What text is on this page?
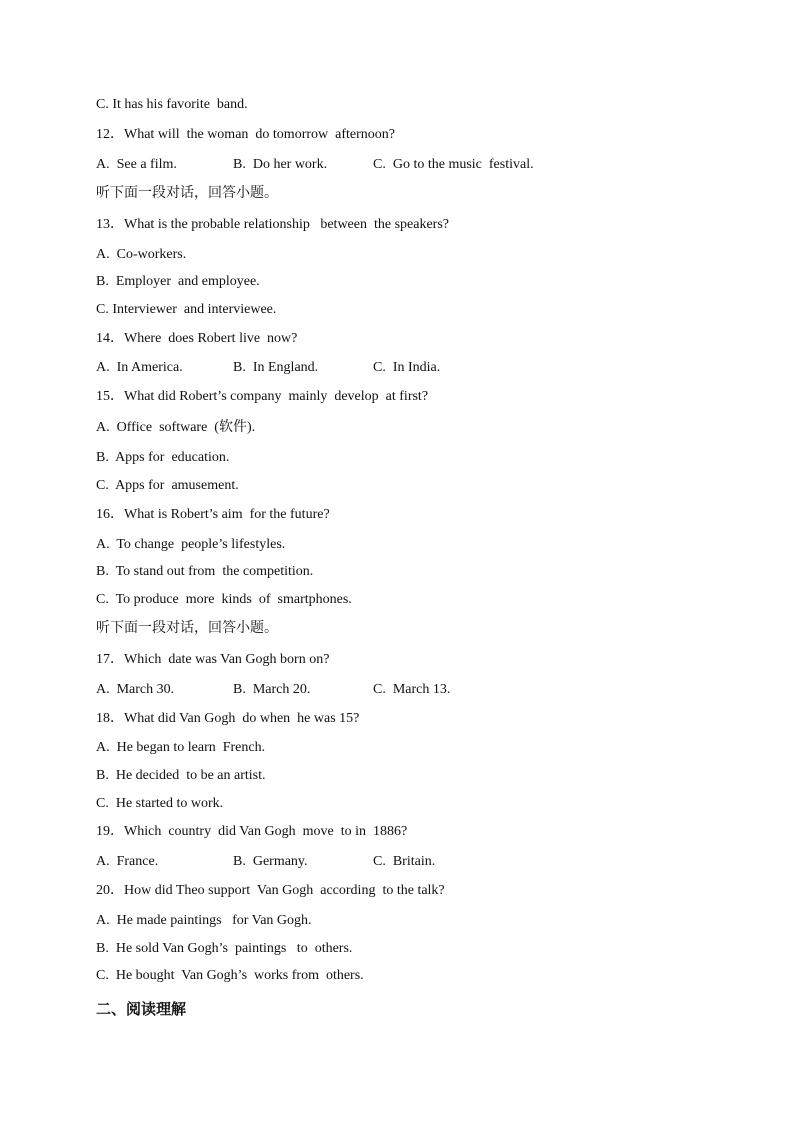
C. It has his favorite  band.
12．What will  the woman  do tomorrow  afternoon?
A.  See a film.	B.  Do her work.	C.  Go to the music  festival.
听下面一段对话，回答小题。
13．What is the probable relationship   between  the speakers?
A.  Co-workers.
B.  Employer  and employee.
C. Interviewer  and interviewee.
14．Where  does Robert live  now?
A.  In America.	B.  In England.	C.  In India.
15．What did Robert’s company  mainly  develop  at first?
A.  Office  software  (软件).
B.  Apps for  education.
C.  Apps for  amusement.
16．What is Robert’s aim  for the future?
A.  To change  people’s lifestyles.
B.  To stand out from  the competition.
C.  To produce  more  kinds  of  smartphones.
听下面一段对话，回答小题。
17．Which  date was Van Gogh born on?
A.  March 30.	B.  March 20.	C.  March 13.
18．What did Van Gogh  do when  he was 15?
A.  He began to learn  French.
B.  He decided  to be an artist.
C.  He started to work.
19．Which  country  did Van Gogh  move  to in  1886?
A.  France.	B.  Germany.	C.  Britain.
20．How did Theo support  Van Gogh  according  to the talk?
A.  He made paintings   for Van Gogh.
B.  He sold Van Gogh’s  paintings   to  others.
C.  He bought  Van Gogh’s  works from  others.
二、阅读理解
